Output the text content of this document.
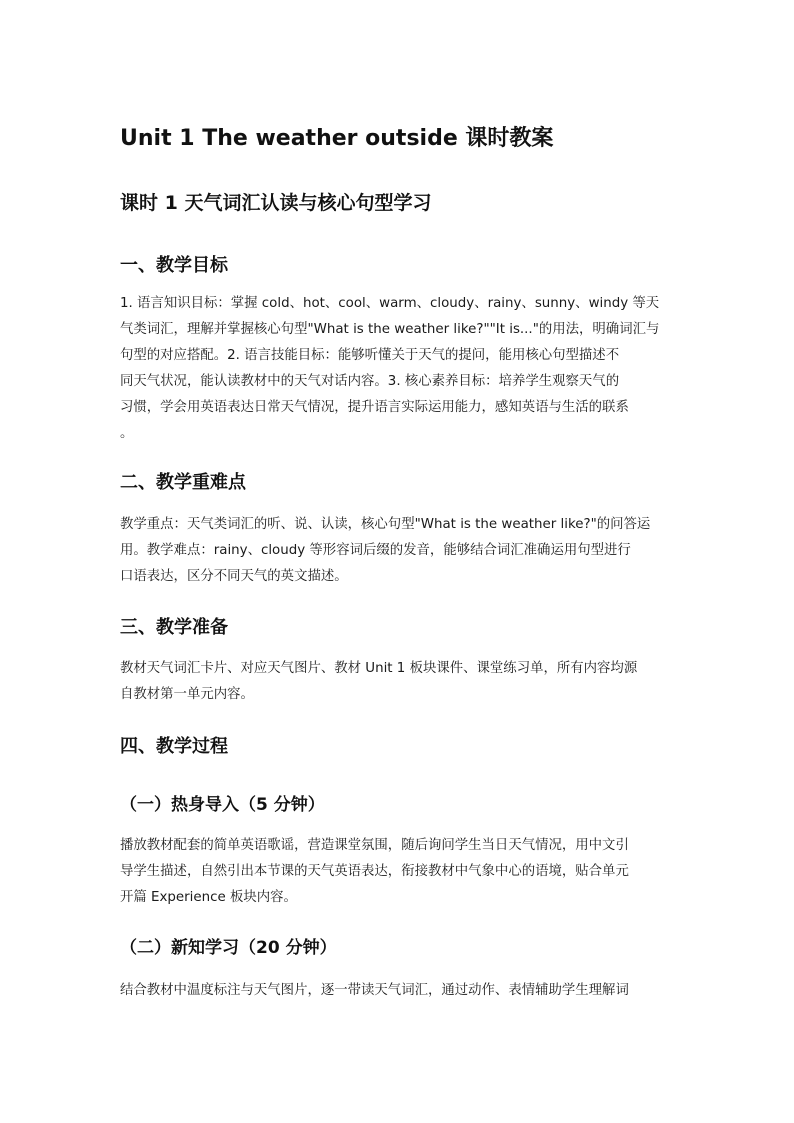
Unit 1 The weather outside 课时教案
课时 1 天气词汇认读与核心句型学习
一、教学目标
1. 语言知识目标：掌握 cold、hot、cool、warm、cloudy、rainy、sunny、windy 等天
气类词汇，理解并掌握核心句型"What is the weather like?""It is..."的用法，明确词汇与
句型的对应搭配。2. 语言技能目标：能够听懂关于天气的提问，能用核心句型描述不
同天气状况，能认读教材中的天气对话内容。3. 核心素养目标：培养学生观察天气的
习惯，学会用英语表达日常天气情况，提升语言实际运用能力，感知英语与生活的联系
。
二、教学重难点
教学重点：天气类词汇的听、说、认读，核心句型"What is the weather like?"的问答运
用。教学难点：rainy、cloudy 等形容词后缀的发音，能够结合词汇准确运用句型进行
口语表达，区分不同天气的英文描述。
三、教学准备
教材天气词汇卡片、对应天气图片、教材 Unit 1 板块课件、课堂练习单，所有内容均源
自教材第一单元内容。
四、教学过程
（一）热身导入（5 分钟）
播放教材配套的简单英语歌谣，营造课堂氛围，随后询问学生当日天气情况，用中文引
导学生描述，自然引出本节课的天气英语表达，衔接教材中气象中心的语境，贴合单元
开篇 Experience 板块内容。
（二）新知学习（20 分钟）
结合教材中温度标注与天气图片，逐一带读天气词汇，通过动作、表情辅助学生理解词
